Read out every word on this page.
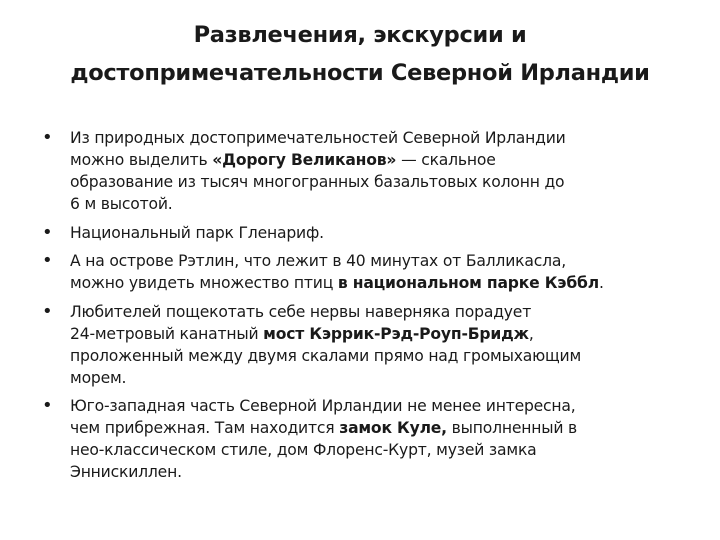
Развлечения, экскурсии и
достопримечательности Северной Ирландии
• Из природных достопримечательностей Северной Ирландии
можно выделить «Дорогу Великанов» — скальное
образование из тысяч многогранных базальтовых колонн до
6 м высотой.
• Национальный парк Гленариф.
• А на острове Рэтлин, что лежит в 40 минутах от Балликасла,
можно увидеть множество птиц в национальном парке Кэббл.
• Любителей пощекотать себе нервы наверняка порадует
24-метровый канатный мост Кэррик-Рэд-Роуп-Бридж,
проложенный между двумя скалами прямо над громыхающим
морем.
• Юго-западная часть Северной Ирландии не менее интересна,
чем прибрежная. Там находится замок Куле, выполненный в
нео-классическом стиле, дом Флоренс-Курт, музей замка
Эннискиллен.
